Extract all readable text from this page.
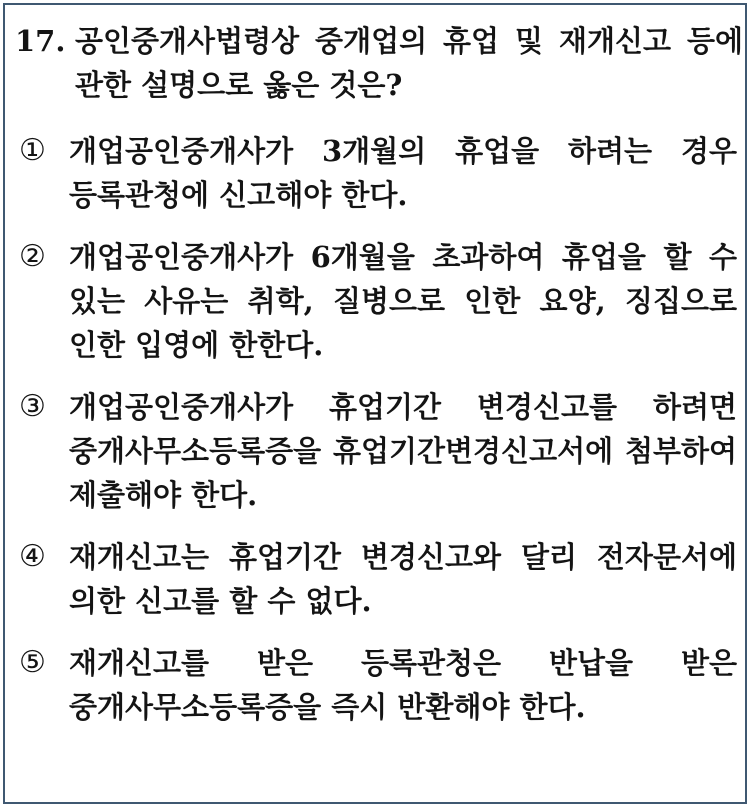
17. 공인중개사법령상 중개업의 휴업 및 재개신고 등에 관한 설명으로 옳은 것은?
① 개업공인중개사가 3개월의 휴업을 하려는 경우 등록관청에 신고해야 한다.
② 개업공인중개사가 6개월을 초과하여 휴업을 할 수 있는 사유는 취학, 질병으로 인한 요양, 징집으로 인한 입영에 한한다.
③ 개업공인중개사가 휴업기간 변경신고를 하려면 중개사무소등록증을 휴업기간변경신고서에 첨부하여 제출해야 한다.
④ 재개신고는 휴업기간 변경신고와 달리 전자문서에 의한 신고를 할 수 없다.
⑤ 재개신고를 받은 등록관청은 반납을 받은 중개사무소등록증을 즉시 반환해야 한다.
